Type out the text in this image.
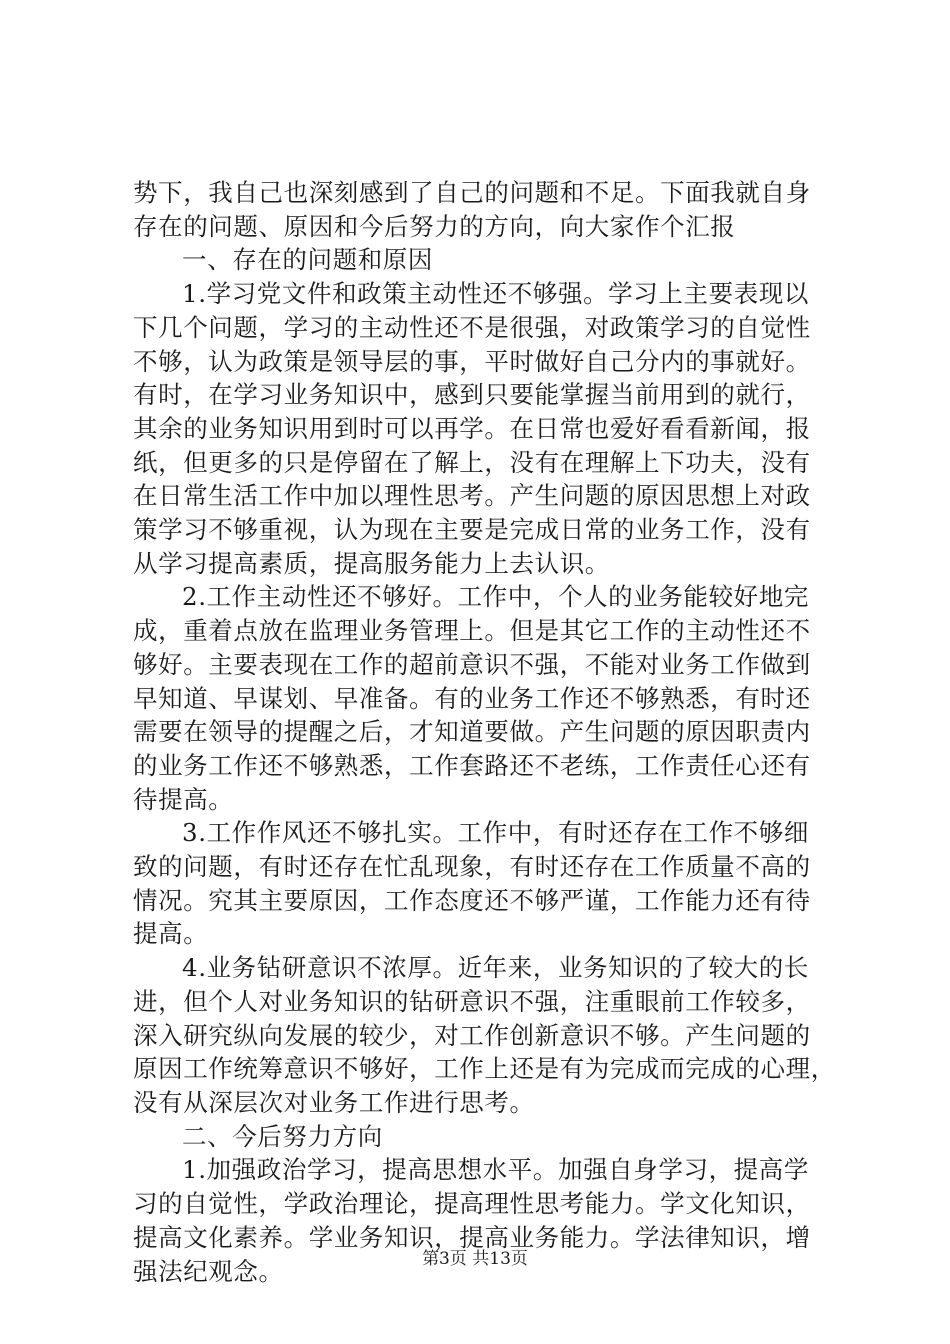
势下，我自己也深刻感到了自己的问题和不足。下面我就自身
存在的问题、原因和今后努力的方向，向大家作个汇报
一、存在的问题和原因
1.学习党文件和政策主动性还不够强。学习上主要表现以
下几个问题，学习的主动性还不是很强，对政策学习的自觉性
不够，认为政策是领导层的事，平时做好自己分内的事就好。
有时，在学习业务知识中，感到只要能掌握当前用到的就行，
其余的业务知识用到时可以再学。在日常也爱好看看新闻，报
纸，但更多的只是停留在了解上，没有在理解上下功夫，没有
在日常生活工作中加以理性思考。产生问题的原因思想上对政
策学习不够重视，认为现在主要是完成日常的业务工作，没有
从学习提高素质，提高服务能力上去认识。
2.工作主动性还不够好。工作中，个人的业务能较好地完
成，重着点放在监理业务管理上。但是其它工作的主动性还不
够好。主要表现在工作的超前意识不强，不能对业务工作做到
早知道、早谋划、早准备。有的业务工作还不够熟悉，有时还
需要在领导的提醒之后，才知道要做。产生问题的原因职责内
的业务工作还不够熟悉，工作套路还不老练，工作责任心还有
待提高。
3.工作作风还不够扎实。工作中，有时还存在工作不够细
致的问题，有时还存在忙乱现象，有时还存在工作质量不高的
情况。究其主要原因，工作态度还不够严谨，工作能力还有待
提高。
4.业务钻研意识不浓厚。近年来，业务知识的了较大的长
进，但个人对业务知识的钻研意识不强，注重眼前工作较多，
深入研究纵向发展的较少，对工作创新意识不够。产生问题的
原因工作统筹意识不够好，工作上还是有为完成而完成的心理，
没有从深层次对业务工作进行思考。
二、今后努力方向
1.加强政治学习，提高思想水平。加强自身学习，提高学
习的自觉性，学政治理论，提高理性思考能力。学文化知识，
提高文化素养。学业务知识，提高业务能力。学法律知识，增
强法纪观念。	第3页 共13页
